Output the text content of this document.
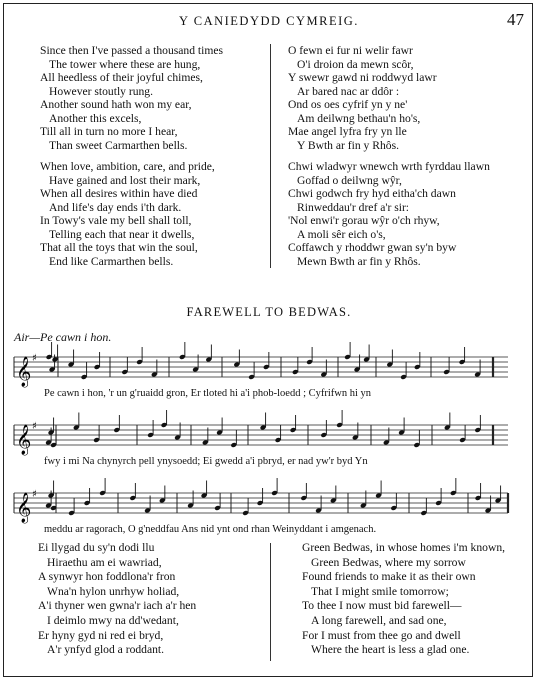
Y CANIEDYDD CYMREIG.	47
Since then I've passed a thousand times
The tower where these are hung,
All heedless of their joyful chimes,
However stoutly rung.
Another sound hath won my ear,
Another this excels,
Till all in turn no more I hear,
Than sweet Carmarthen bells.
When love, ambition, care, and pride,
Have gained and lost their mark,
When all desires within have died
And life's day ends i'th dark.
In Towy's vale my bell shall toll,
Telling each that near it dwells,
That all the toys that win the soul,
End like Carmarthen bells.
O fewn ei fur ni welir fawr
O'i droion da mewn scôr,
Y swewr gawd ni roddwyd lawr
Ar bared nac ar ddôr :
Ond os oes cyfrif yn y ne'
Am deilwng bethau'n ho's,
Mae angel lyfra fry yn lle
Y Bwth ar fin y Rhôs.
Chwi wladwyr wnewch wrth fyrddau llawn
Goffad o deilwng wŷr,
Chwi godwch fry hyd eitha'ch dawn
Rinweddau'r dref a'r sir:
'Nol enwi'r gorau wŷr o'ch rhyw,
A moli sêr eich o's,
Coffawch y rhoddwr gwan sy'n byw
Mewn Bwth ar fin y Rhôs.
FAREWELL TO BEDWAS.
Air—Pe cawn i hon.
𝄞 ♯
𝄞 ♯
𝄞 ♯
Pe cawn i hon, 'r un g'ruaidd gron, Er tloted hi a'i phob-loedd ; Cyfrifwn hi yn
fwy i mi Na chynyrch pell ynysoedd; Ei gwedd a'i pbryd, er nad yw'r byd Yn
meddu ar ragorach, O g'neddfau Ans nid ynt ond rhan Weinyddant i amgenach.
Ei llygad du sy'n dodi llu
Hiraethu am ei wawriad,
A synwyr hon foddlona'r fron
Wna'n hylon unrhyw holiad,
A'i thyner wen gwna'r iach a'r hen
I deimlo mwy na dd'wedant,
Er hyny gyd ni red ei bryd,
A'r ynfyd glod a roddant.
Green Bedwas, in whose homes i'm known,
Green Bedwas, where my sorrow
Found friends to make it as their own
That I might smile tomorrow;
To thee I now must bid farewell—
A long farewell, and sad one,
For I must from thee go and dwell
Where the heart is less a glad one.
